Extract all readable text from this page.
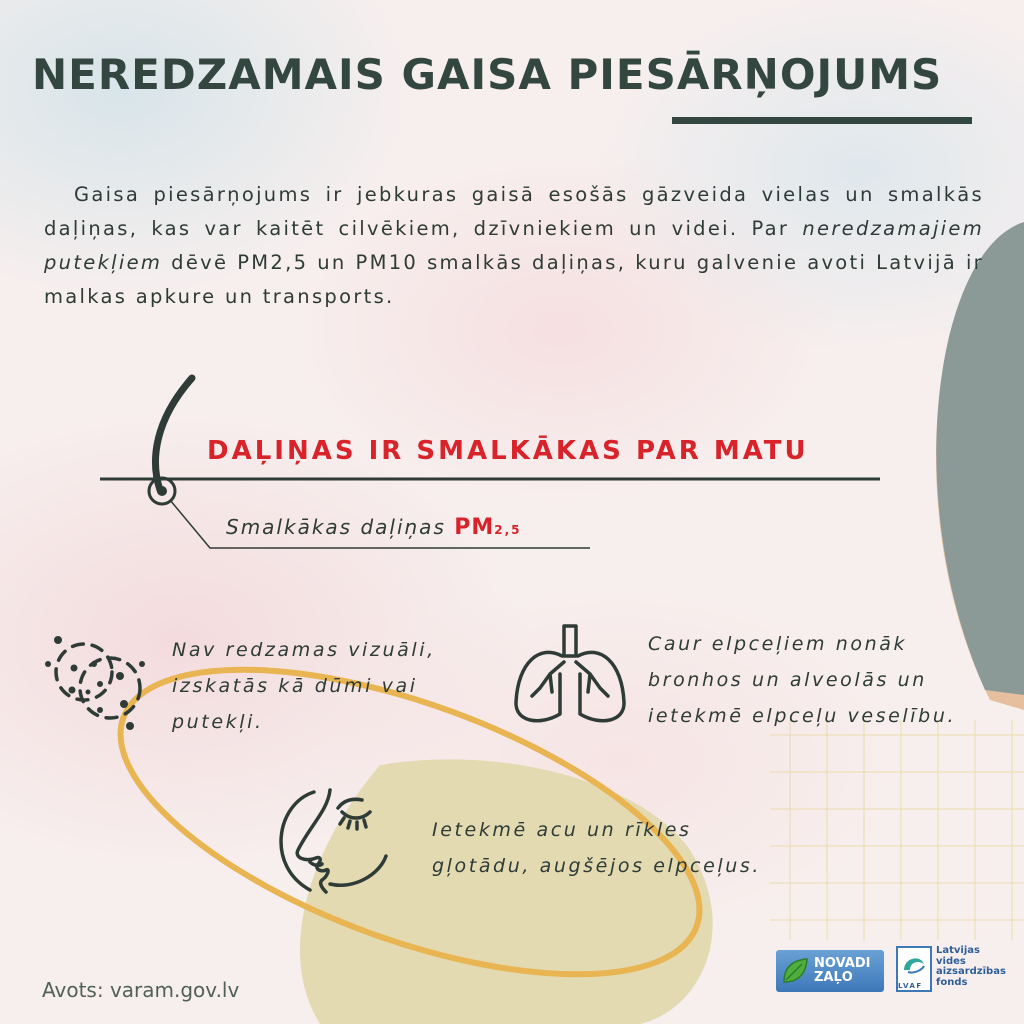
NEREDZAMAIS GAISA PIESĀRŅOJUMS

Gaisa piesārņojums ir jebkuras gaisā esošās gāzveida vielas un smalkās daļiņas, kas var kaitēt cilvēkiem, dzīvniekiem un videi. Par neredzamajiem putekļiem dēvē PM2,5 un PM10 smalkās daļiņas, kuru galvenie avoti Latvijā ir malkas apkure un transports.

DAĻIŅAS IR SMALKĀKAS PAR MATU

Smalkākas daļiņas PM2,5

Nav redzamas vizuāli,

izskatās kā dūmi vai

putekļi.

Caur elpceļiem nonāk

bronhos un alveolās un

ietekmē elpceļu veselību.

Ietekmē acu un rīkles

gļotādu, augšējos elpceļus.

Avots: varam.gov.lv

NOVADI
ZAĻO
LVAF
Latvijas
vides
aizsardzības
fonds
